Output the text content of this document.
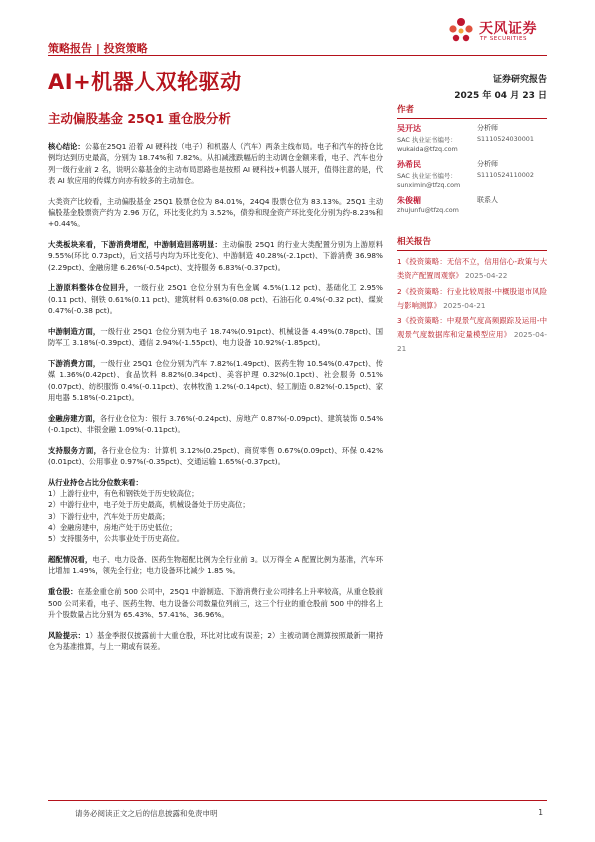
天风证券
TF SECURITIES
策略报告 | 投资策略
AI+机器人双轮驱动
主动偏股基金 25Q1 重仓股分析
证券研究报告
2025 年 04 月 23 日

核心结论：公募在25Q1 沿着 AI 硬科技（电子）和机器人（汽车）两条主线布局。电子和汽车的持仓比例均达到历史最高，分别为 18.74%和 7.82%。从扣减涨跌幅后的主动调仓金额来看，电子、汽车也分列一级行业前 2 名，说明公募基金的主动布局思路也是按照 AI 硬科技+机器人展开，值得注意的是，代表 AI 软应用的传媒方向亦有较多的主动加仓。

大类资产比较看，主动偏股基金 25Q1 股票仓位为 84.01%，24Q4 股票仓位为 83.13%。25Q1 主动偏股基金股票资产约为 2.96 万亿，环比变化约为 3.52%，债券和现金资产环比变化分别为约-8.23%和+0.44%。

大类板块来看，下游消费增配，中游制造回落明显：主动偏股 25Q1 的行业大类配置分别为上游原料 9.55%(环比 0.73pct)，后文括号内均为环比变化)、中游制造 40.28%(-2.1pct)、下游消费 36.98%(2.29pct)、金融房建 6.26%(-0.54pct)、支持服务 6.83%(-0.37pct)。

上游原料整体仓位回升，一级行业 25Q1 仓位分别为有色金属 4.5%(1.12 pct)、基础化工 2.95%(0.11 pct)、钢铁 0.61%(0.11 pct)、建筑材料 0.63%(0.08 pct)、石油石化 0.4%(-0.32 pct)、煤炭 0.47%(-0.38 pct)。

中游制造方面，一级行业 25Q1 仓位分别为电子 18.74%(0.91pct)、机械设备 4.49%(0.78pct)、国防军工 3.18%(-0.39pct)、通信 2.94%(-1.55pct)、电力设备 10.92%(-1.85pct)。

下游消费方面，一级行业 25Q1 仓位分别为汽车 7.82%(1.49pct)、医药生物 10.54%(0.47pct)、传媒 1.36%(0.42pct)、食品饮料 8.82%(0.34pct)、美容护理 0.32%(0.1pct)、社会服务 0.51%(0.07pct)、纺织服饰 0.4%(-0.11pct)、农林牧渔 1.2%(-0.14pct)、轻工制造 0.82%(-0.15pct)、家用电器 5.18%(-0.21pct)。

金融房建方面，各行业仓位为：银行 3.76%(-0.24pct)、房地产 0.87%(-0.09pct)、建筑装饰 0.54%(-0.1pct)、非银金融 1.09%(-0.11pct)。

支持服务方面，各行业仓位为：计算机 3.12%(0.25pct)、商贸零售 0.67%(0.09pct)、环保 0.42%(0.01pct)、公用事业 0.97%(-0.35pct)、交通运输 1.65%(-0.37pct)。

从行业持仓占比分位数来看：
1）上游行业中，有色和钢铁处于历史较高位；
2）中游行业中，电子处于历史最高，机械设备处于历史高位；
3）下游行业中，汽车处于历史最高；
4）金融房建中，房地产处于历史低位；
5）支持服务中，公共事业处于历史高位。

超配情况看，电子、电力设备、医药生物超配比例为全行业前 3。以万得全 A 配置比例为基准，汽车环比增加 1.49%，领先全行业；电力设备环比减少 1.85 %。

重仓股：在基金重仓前 500 公司中，25Q1 中游制造、下游消费行业公司排名上升率较高，从重仓股前 500 公司来看，电子、医药生物、电力设备公司数量位列前三，这三个行业的重仓股前 500 中的排名上升个股数量占比分别为 65.43%、57.41%、36.96%。

风险提示：1）基金季报仅披露前十大重仓股，环比对比或有误差；2）主被动调仓测算按照最新一期持仓为基准推算，与上一期或有误差。

作者
吴开达	分析师
SAC 执业证书编号：	S1110524030001
wukaida@tfzq.com
孙希民	分析师
SAC 执业证书编号：	S1110524110002
sunximin@tfzq.com
朱俊楣	联系人
zhujunfu@tfzq.com
相关报告
1《投资策略：无信不立，信用信心-政策与大类资产配置周观察》 2025-04-22
2《投资策略：行业比较周报-中概股退市风险与影响测算》 2025-04-21
3《投资策略：中观景气度高频跟踪及运用-中观景气度数据库和定量模型应用》 2025-04-21
请务必阅读正文之后的信息披露和免责申明	1
